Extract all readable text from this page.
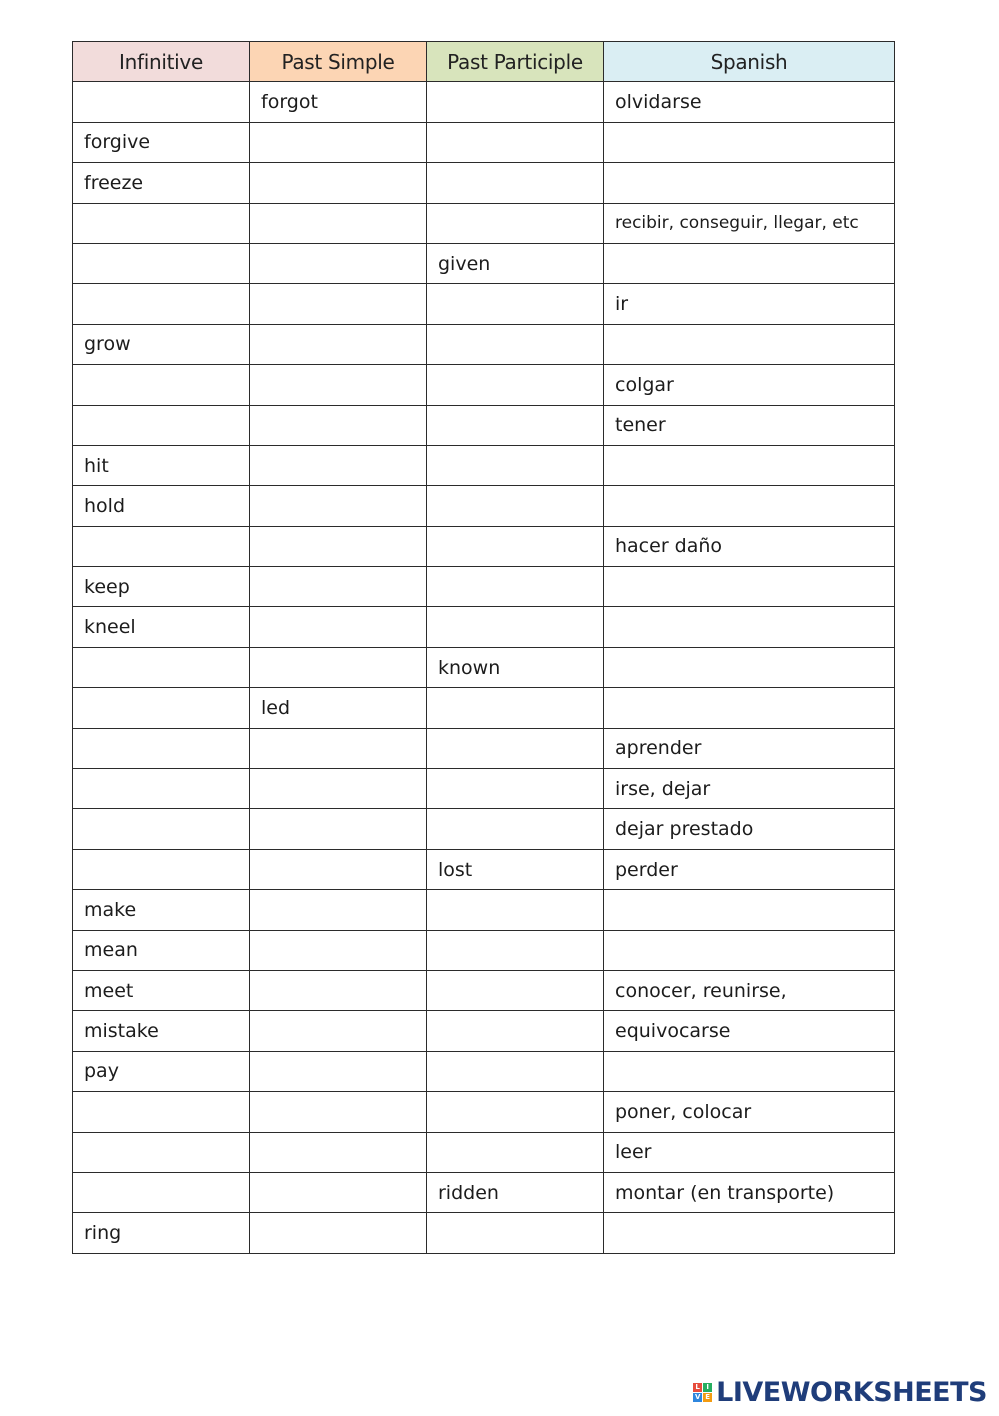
Infinitive	Past Simple	Past Participle	Spanish
	forgot		olvidarse
forgive			
freeze			
			recibir, conseguir, llegar, etc
		given	
			ir
grow			
			colgar
			tener
hit			
hold			
			hacer daño
keep			
kneel			
		known	
	led		
			aprender
			irse, dejar
			dejar prestado
		lost	perder
make			
mean			
meet			conocer, reunirse,
mistake			equivocarse
pay			
			poner, colocar
			leer
		ridden	montar (en transporte)
ring			
L I
V E LIVEWORKSHEETS
